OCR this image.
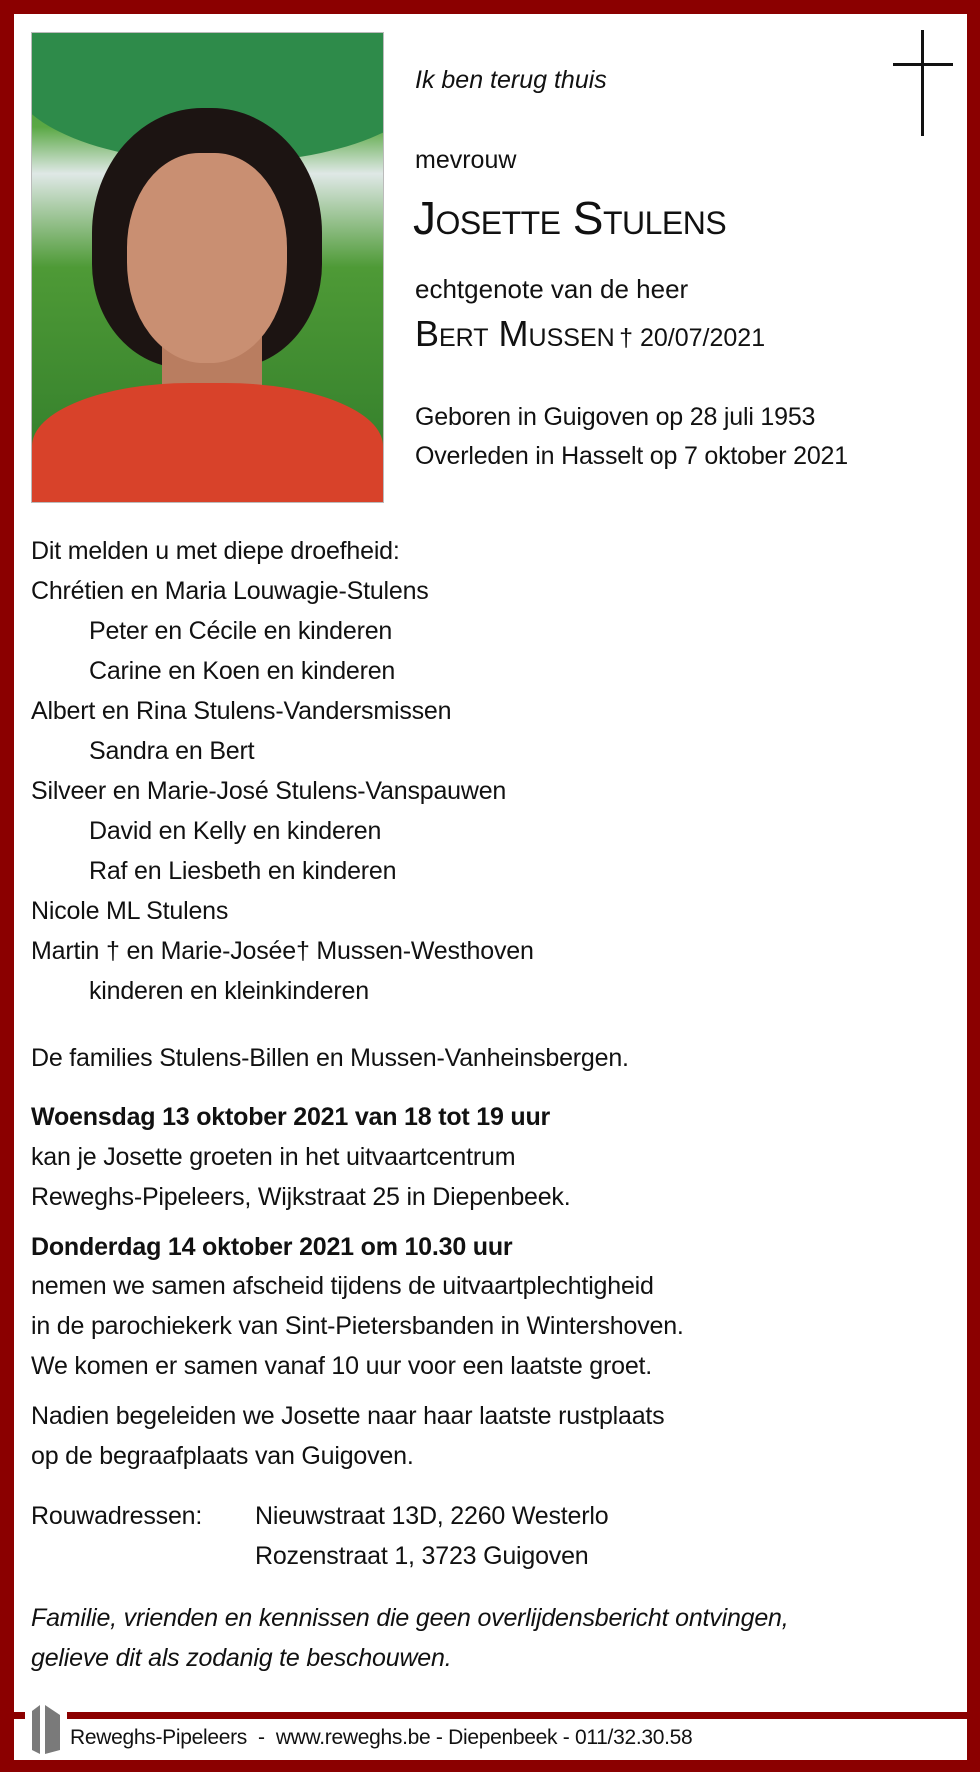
Ik ben terug thuis
mevrouw
Josette Stulens
echtgenote van de heer
Bert Mussen † 20/07/2021
Geboren in Guigoven op 28 juli 1953
Overleden in Hasselt op 7 oktober 2021
Dit melden u met diepe droefheid:
Chrétien en Maria Louwagie-Stulens
Peter en Cécile en kinderen
Carine en Koen en kinderen
Albert en Rina Stulens-Vandersmissen
Sandra en Bert
Silveer en Marie-José Stulens-Vanspauwen
David en Kelly en kinderen
Raf en Liesbeth en kinderen
Nicole ML Stulens
Martin † en Marie-Josée† Mussen-Westhoven
kinderen en kleinkinderen
De families Stulens-Billen en Mussen-Vanheinsbergen.
Woensdag 13 oktober 2021 van 18 tot 19 uur
kan je Josette groeten in het uitvaartcentrum
Reweghs-Pipeleers, Wijkstraat 25 in Diepenbeek.
Donderdag 14 oktober 2021 om 10.30 uur
nemen we samen afscheid tijdens de uitvaartplechtigheid
in de parochiekerk van Sint-Pietersbanden in Wintershoven.
We komen er samen vanaf 10 uur voor een laatste groet.
Nadien begeleiden we Josette naar haar laatste rustplaats
op de begraafplaats van Guigoven.
Rouwadressen: Nieuwstraat 13D, 2260 Westerlo
Rozenstraat 1, 3723 Guigoven
Familie, vrienden en kennissen die geen overlijdensbericht ontvingen,
gelieve dit als zodanig te beschouwen.
Reweghs-Pipeleers  -  www.reweghs.be - Diepenbeek - 011/32.30.58
